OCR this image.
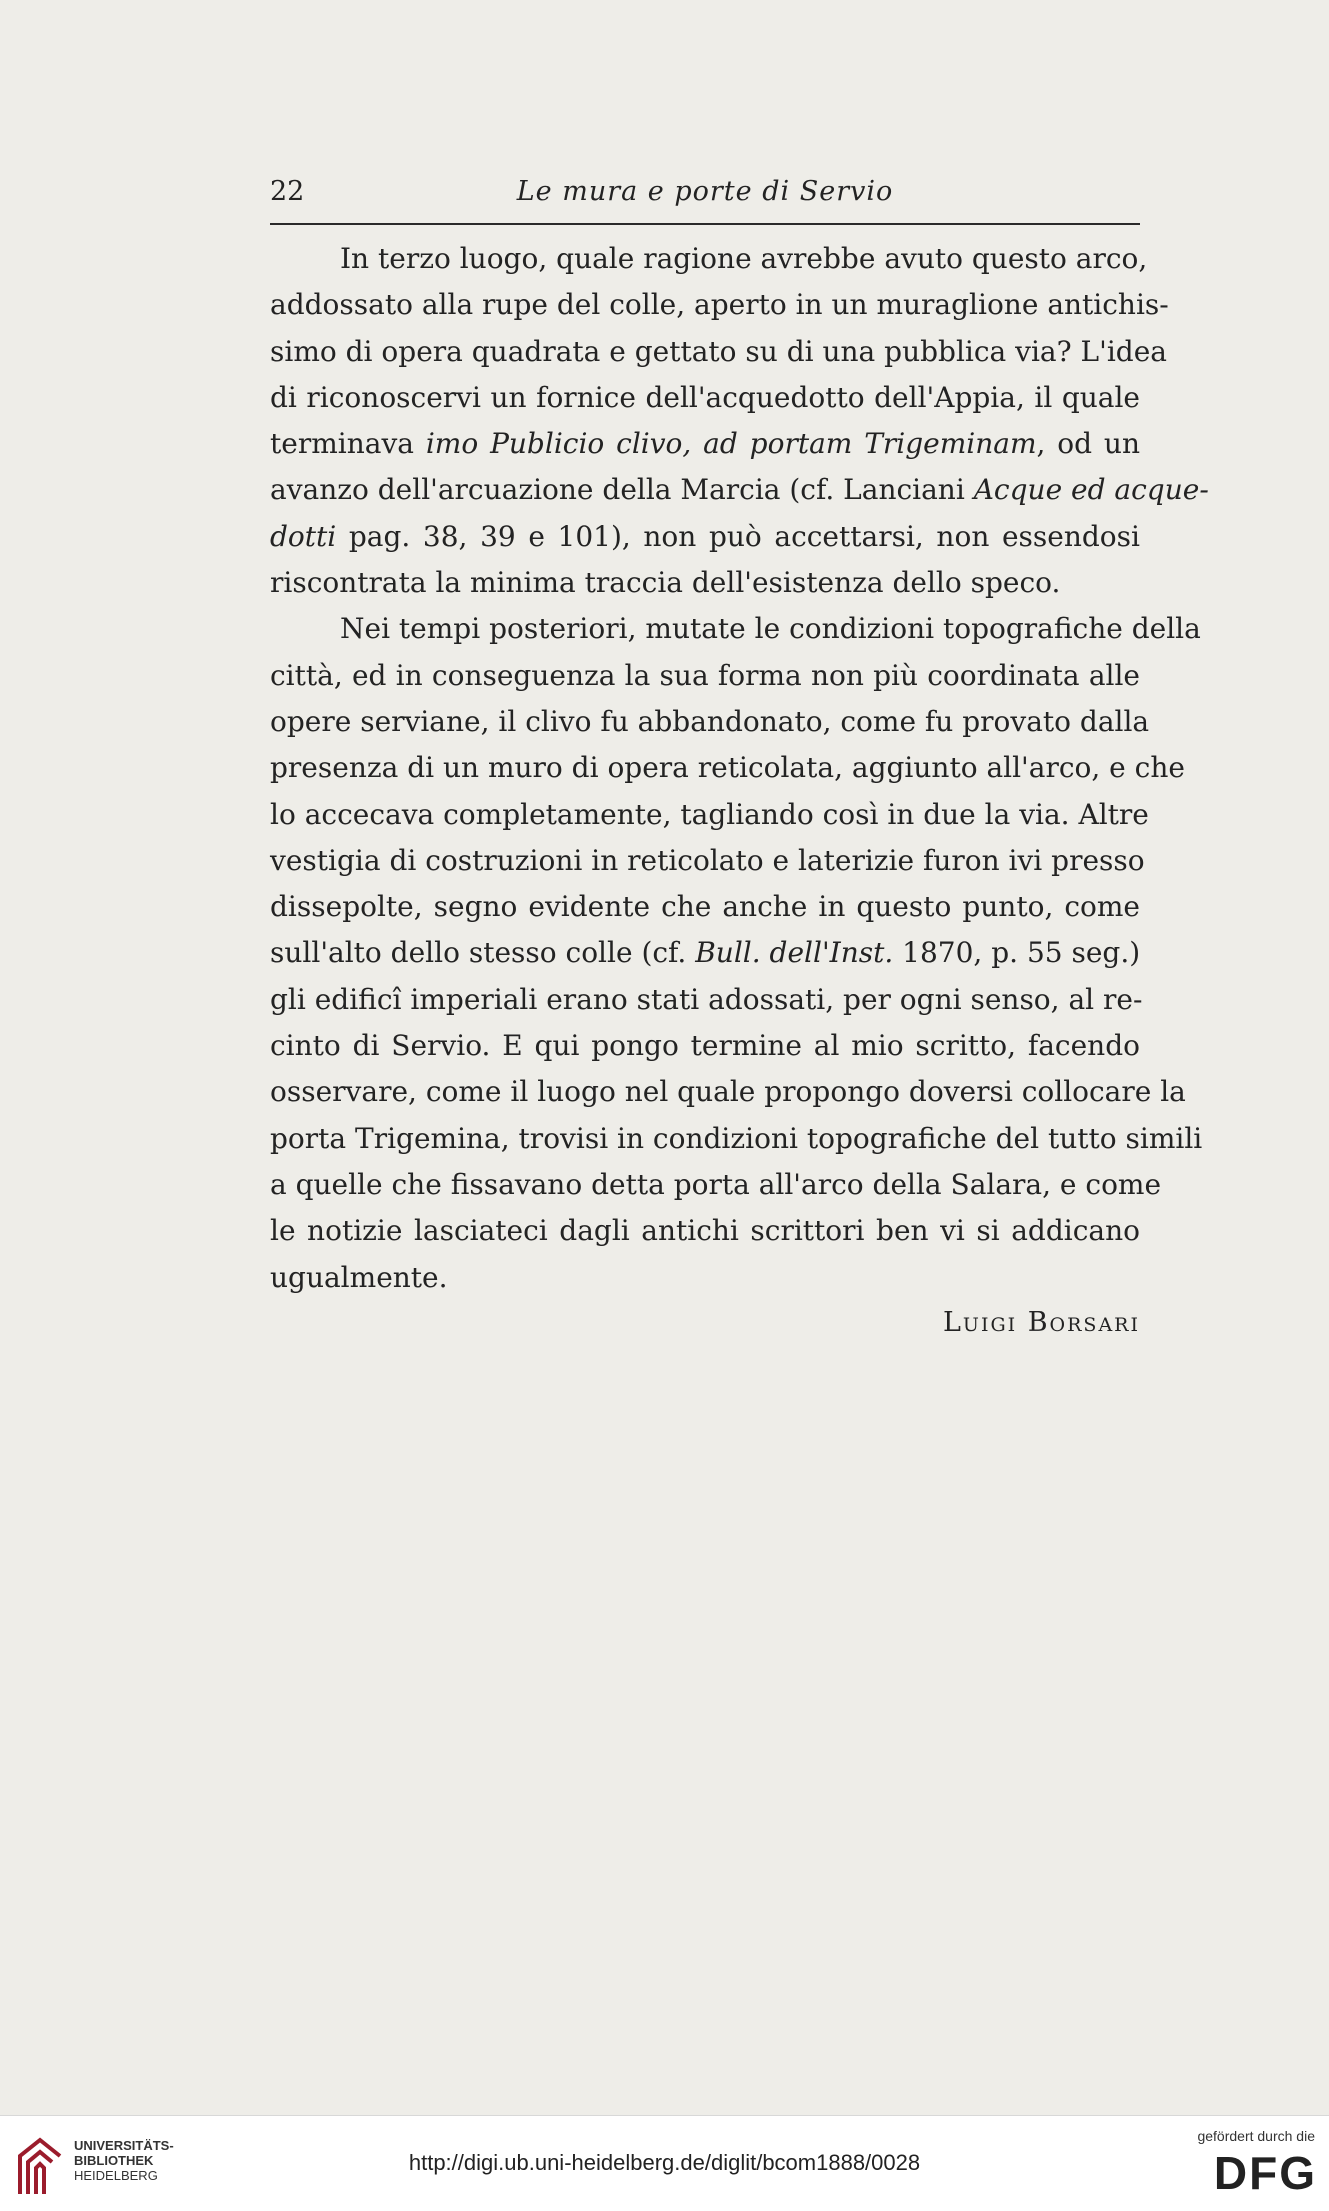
22	Le mura e porte di Servio
In terzo luogo, quale ragione avrebbe avuto questo arco,
addossato alla rupe del colle, aperto in un muraglione antichis-
simo di opera quadrata e gettato su di una pubblica via? L'idea
di riconoscervi un fornice dell'acquedotto dell'Appia, il quale
terminava imo Publicio clivo, ad portam Trigeminam, od un
avanzo dell'arcuazione della Marcia (cf. Lanciani Acque ed acque-
dotti pag. 38, 39 e 101), non può accettarsi, non essendosi
riscontrata la minima traccia dell'esistenza dello speco.
Nei tempi posteriori, mutate le condizioni topografiche della
città, ed in conseguenza la sua forma non più coordinata alle
opere serviane, il clivo fu abbandonato, come fu provato dalla
presenza di un muro di opera reticolata, aggiunto all'arco, e che
lo accecava completamente, tagliando così in due la via. Altre
vestigia di costruzioni in reticolato e laterizie furon ivi presso
dissepolte, segno evidente che anche in questo punto, come
sull'alto dello stesso colle (cf. Bull. dell'Inst. 1870, p. 55 seg.)
gli edificî imperiali erano stati adossati, per ogni senso, al re-
cinto di Servio. E qui pongo termine al mio scritto, facendo
osservare, come il luogo nel quale propongo doversi collocare la
porta Trigemina, trovisi in condizioni topografiche del tutto simili
a quelle che fissavano detta porta all'arco della Salara, e come
le notizie lasciateci dagli antichi scrittori ben vi si addicano
ugualmente.
Luigi Borsari
UNIVERSITÄTS-
BIBLIOTHEK
HEIDELBERG
http://digi.ub.uni-heidelberg.de/diglit/bcom1888/0028
gefördert durch die
DFG
